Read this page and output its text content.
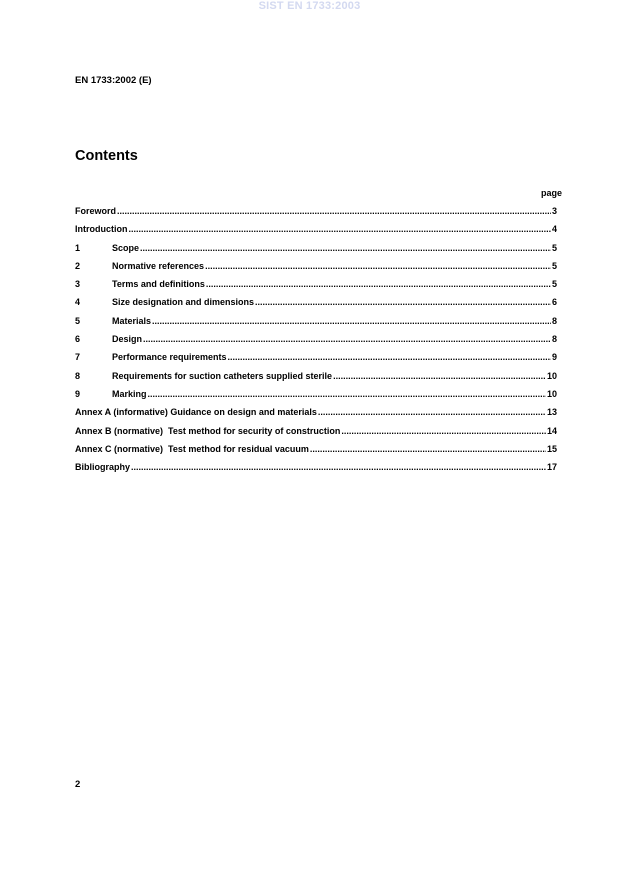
SIST EN 1733:2003
EN 1733:2002 (E)
Contents
page
Foreword .....	3
Introduction .....	4
1	Scope .....	5
2	Normative references .....	5
3	Terms and definitions .....	5
4	Size designation and dimensions .....	6
5	Materials .....	8
6	Design .....	8
7	Performance requirements .....	9
8	Requirements for suction catheters supplied sterile .....	10
9	Marking .....	10
Annex A (informative) Guidance on design and materials .....	13
Annex B (normative)  Test method for security of construction .....	14
Annex C (normative)  Test method for residual vacuum .....	15
Bibliography .....	17
2
